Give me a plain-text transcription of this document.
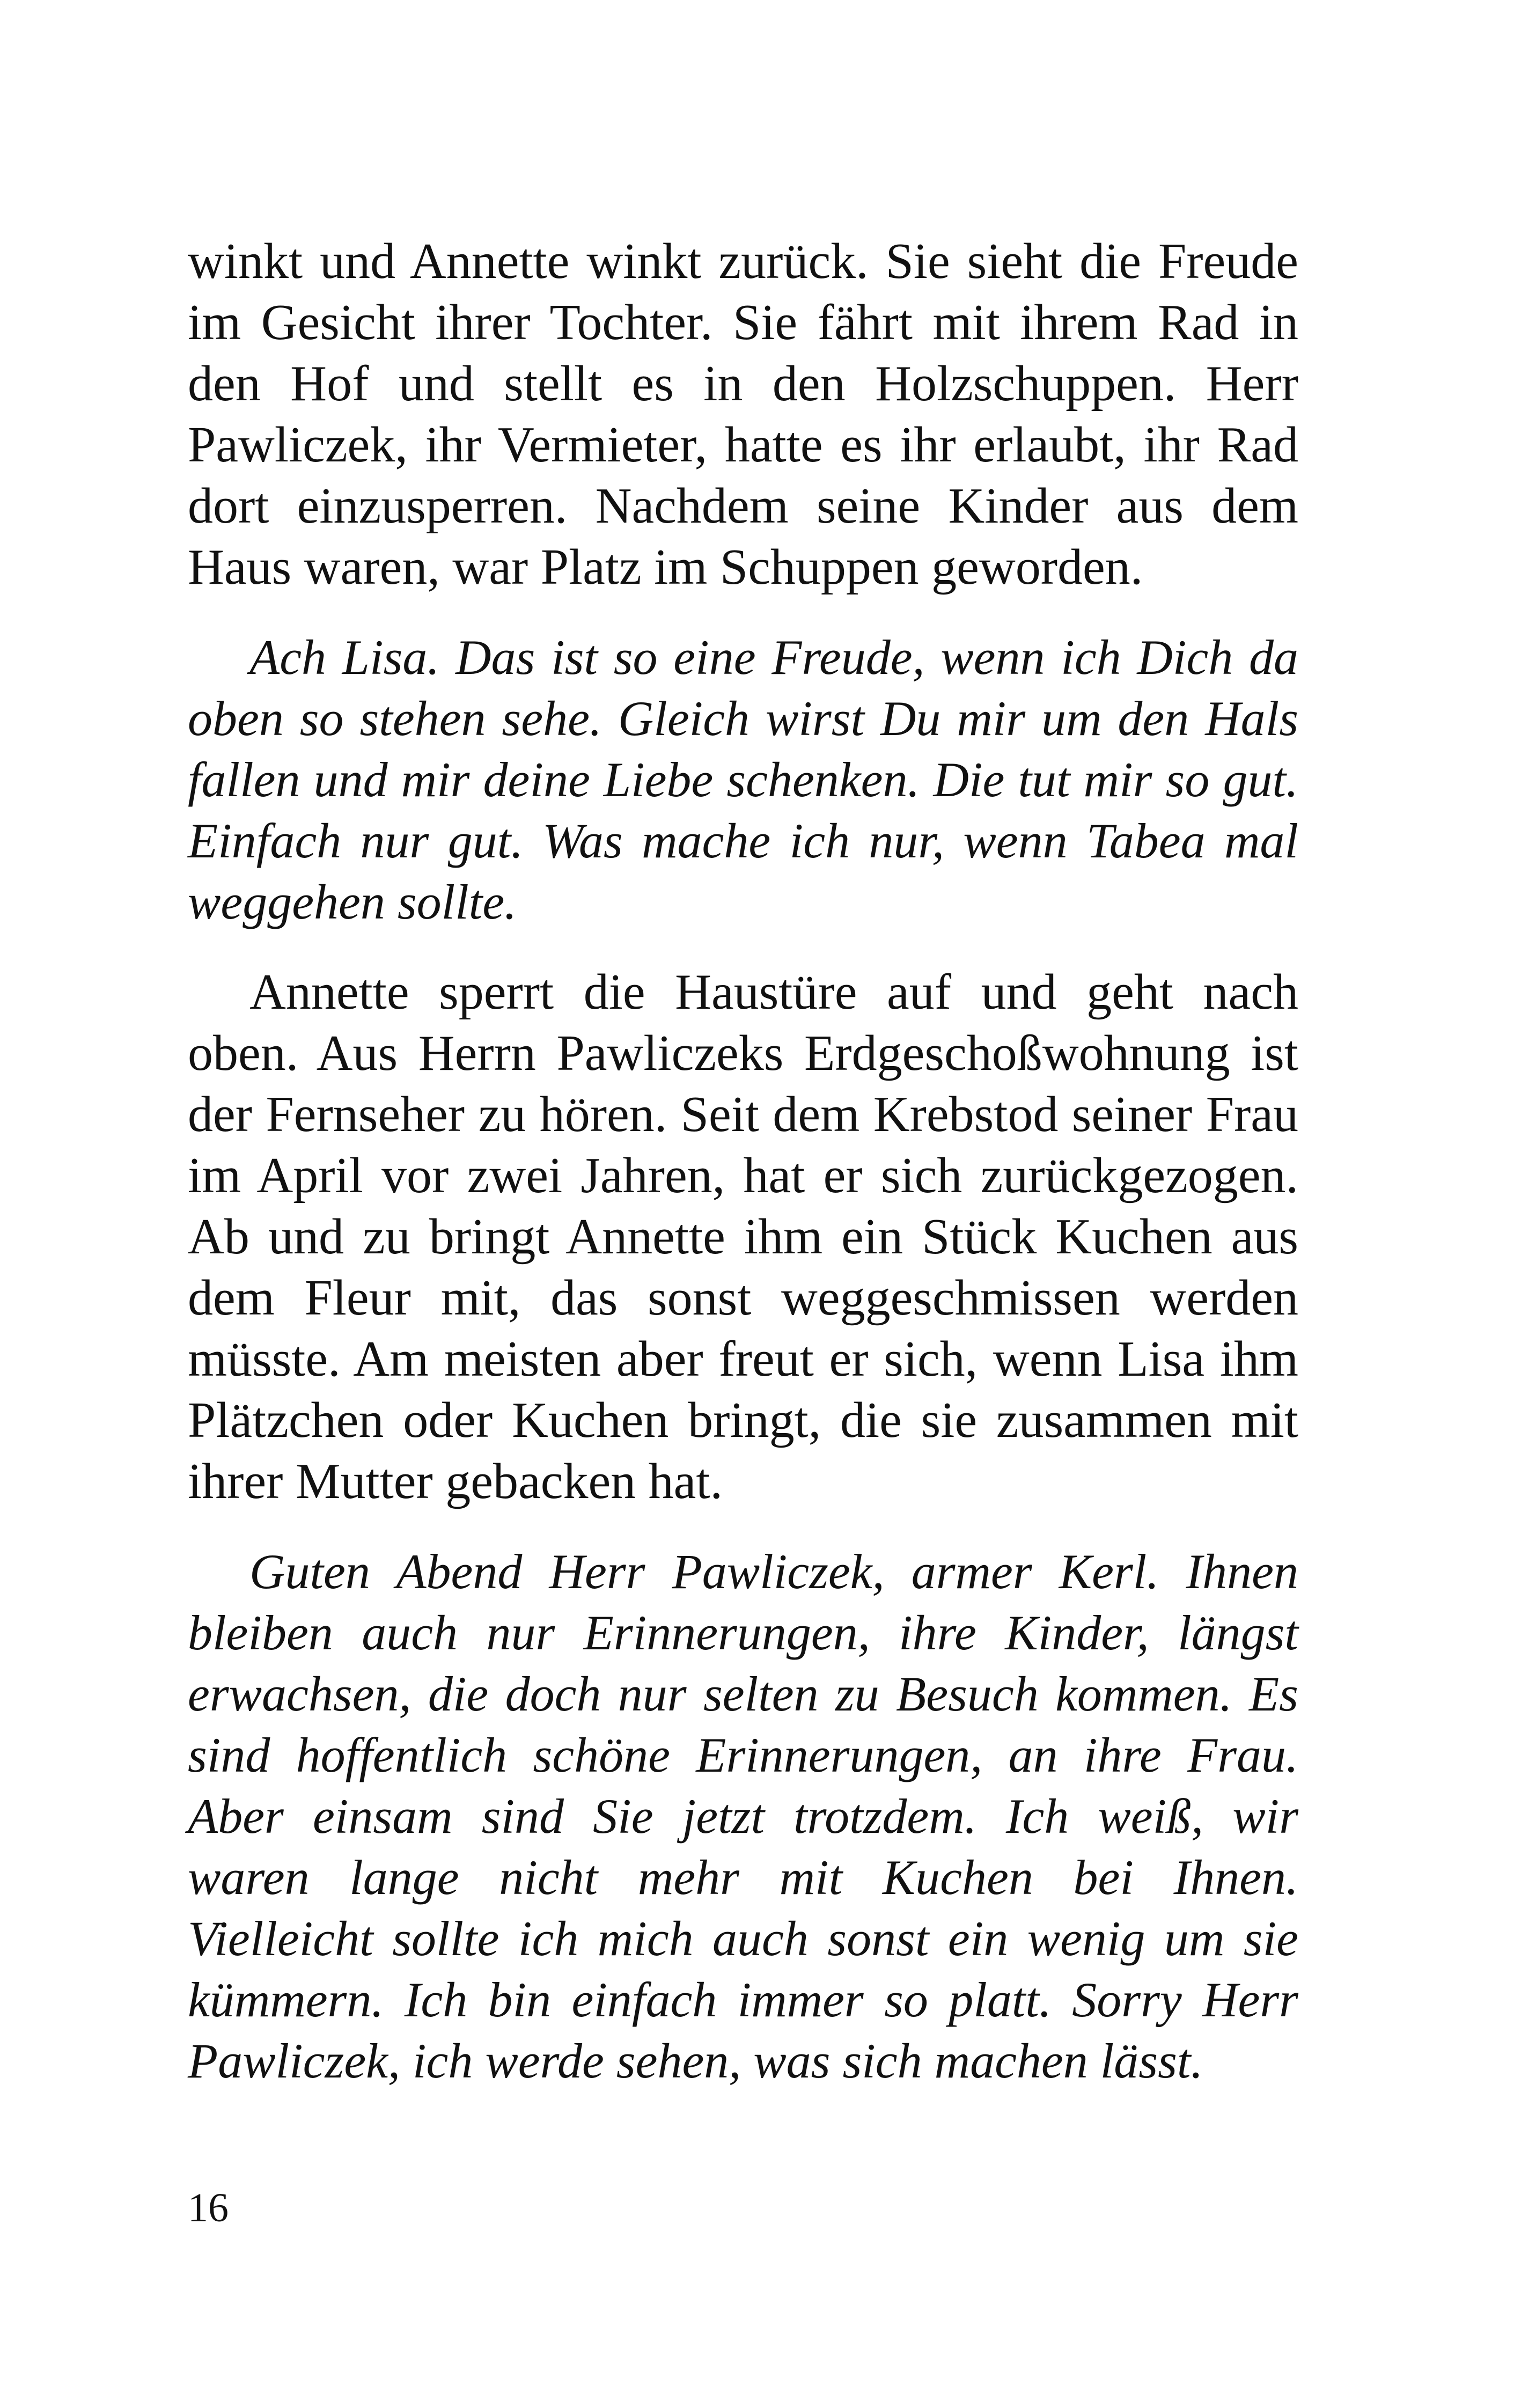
winkt und Annette winkt zurück. Sie sieht die Freude im Gesicht ihrer Tochter. Sie fährt mit ihrem Rad in den Hof und stellt es in den Holzschuppen. Herr Pawliczek, ihr Vermieter, hatte es ihr erlaubt, ihr Rad dort einzusperren. Nachdem seine Kinder aus dem Haus waren, war Platz im Schuppen geworden.

Ach Lisa. Das ist so eine Freude, wenn ich Dich da oben so stehen sehe. Gleich wirst Du mir um den Hals fallen und mir deine Liebe schenken. Die tut mir so gut. Einfach nur gut. Was mache ich nur, wenn Tabea mal weggehen sollte.

Annette sperrt die Haustüre auf und geht nach oben. Aus Herrn Pawliczeks Erdgeschoßwohnung ist der Fernseher zu hören. Seit dem Krebstod seiner Frau im April vor zwei Jahren, hat er sich zurückgezogen. Ab und zu bringt Annette ihm ein Stück Kuchen aus dem Fleur mit, das sonst weggeschmissen werden müsste. Am meisten aber freut er sich, wenn Lisa ihm Plätzchen oder Kuchen bringt, die sie zusammen mit ihrer Mutter gebacken hat.

Guten Abend Herr Pawliczek, armer Kerl. Ihnen bleiben auch nur Erinnerungen, ihre Kinder, längst erwachsen, die doch nur selten zu Besuch kommen. Es sind hoffentlich schöne Erinnerungen, an ihre Frau. Aber einsam sind Sie jetzt trotzdem. Ich weiß, wir waren lange nicht mehr mit Kuchen bei Ihnen. Vielleicht sollte ich mich auch sonst ein wenig um sie kümmern. Ich bin einfach immer so platt. Sorry Herr Pawliczek, ich werde sehen, was sich machen lässt.

16
